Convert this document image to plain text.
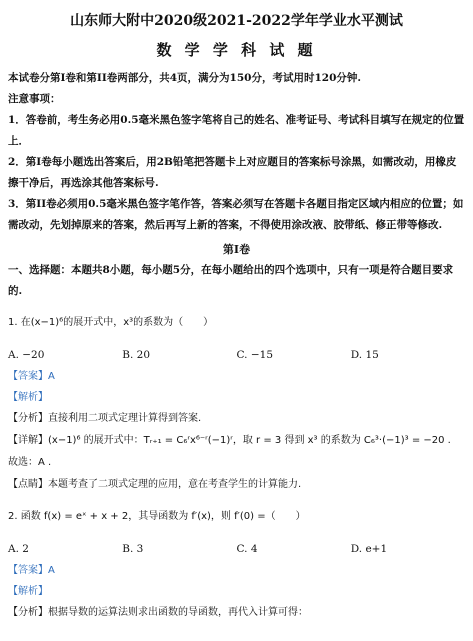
山东师大附中2020级2021-2022学年学业水平测试
数 学 学 科 试 题

本试卷分第I卷和第II卷两部分，共4页，满分为150分，考试用时120分钟.

注意事项：

1．答卷前，考生务必用0.5毫米黑色签字笔将自己的姓名、准考证号、考试科目填写在规定的位置上．

2．第I卷每小题选出答案后，用2B铅笔把答题卡上对应题目的答案标号涂黑，如需改动，用橡皮擦干净后，再选涂其他答案标号.

3．第II卷必须用0.5毫米黑色签字笔作答，答案必须写在答题卡各题目指定区域内相应的位置；如需改动，先划掉原来的答案，然后再写上新的答案，不得使用涂改液、胶带纸、修正带等修改.

第I卷

一、选择题：本题共8小题，每小题5分，在每小题给出的四个选项中，只有一项是符合题目要求的.

1. 在(x−1)⁶的展开式中，x³的系数为（　　）

A. −20	B. 20	C. −15	D. 15
【答案】A
【解析】
【分析】直接利用二项式定理计算得到答案.
【详解】(x−1)⁶ 的展开式中：Tᵣ₊₁ = C₆ʳx⁶⁻ʳ(−1)ʳ，取 r = 3 得到 x³ 的系数为 C₆³·(−1)³ = −20 .
故选：A .
【点睛】本题考查了二项式定理的应用，意在考查学生的计算能力.

2. 函数 f(x) = eˣ + x + 2，其导函数为 f′(x)，则 f′(0) =（　　）

A. 2	B. 3	C. 4	D. e+1
【答案】A
【解析】
【分析】根据导数的运算法则求出函数的导函数，再代入计算可得：
